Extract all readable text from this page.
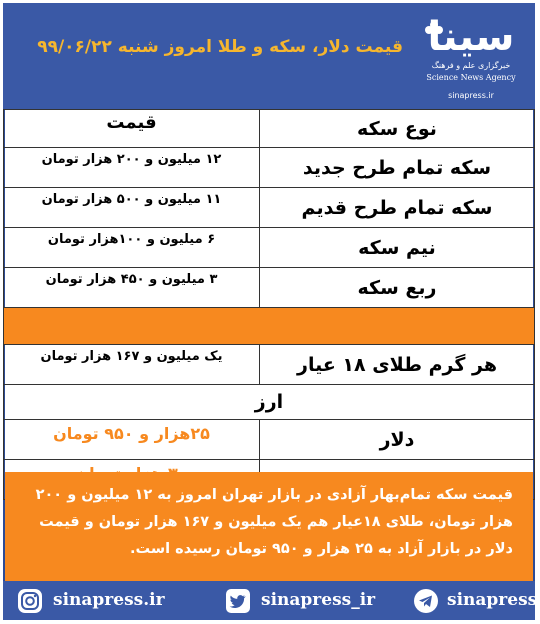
قیمت دلار، سکه و طلا امروز شنبه ۹۹/۰۶/۲۲ سینا
خبرگزاری علم و فرهنگ
Science News Agency
sinapress.ir
نوع سکه	قیمت
سکه تمام طرح جدید	۱۲ میلیون و ۲۰۰ هزار تومان
سکه تمام طرح قدیم	۱۱ میلیون و ۵۰۰ هزار تومان
نیم سکه	۶ میلیون و ۱۰۰هزار تومان
ربع سکه	۳ میلیون و ۴۵۰ هزار تومان

هر گرم طلای ۱۸ عیار	یک میلیون و ۱۶۷ هزار تومان
ارز	
دلار	۲۵هزار و ۹۵۰ تومان

قیمت سکه تمام‌بهار آزادی در بازار تهران امروز به ۱۲ میلیون و ۲۰۰ هزار تومان، طلای ۱۸عیار هم یک میلیون و ۱۶۷ هزار تومان و قیمت دلار در بازار آزاد به ۲۵ هزار و ۹۵۰ تومان رسیده است.
sinapress
sinapress_ir
sinapress.ir
